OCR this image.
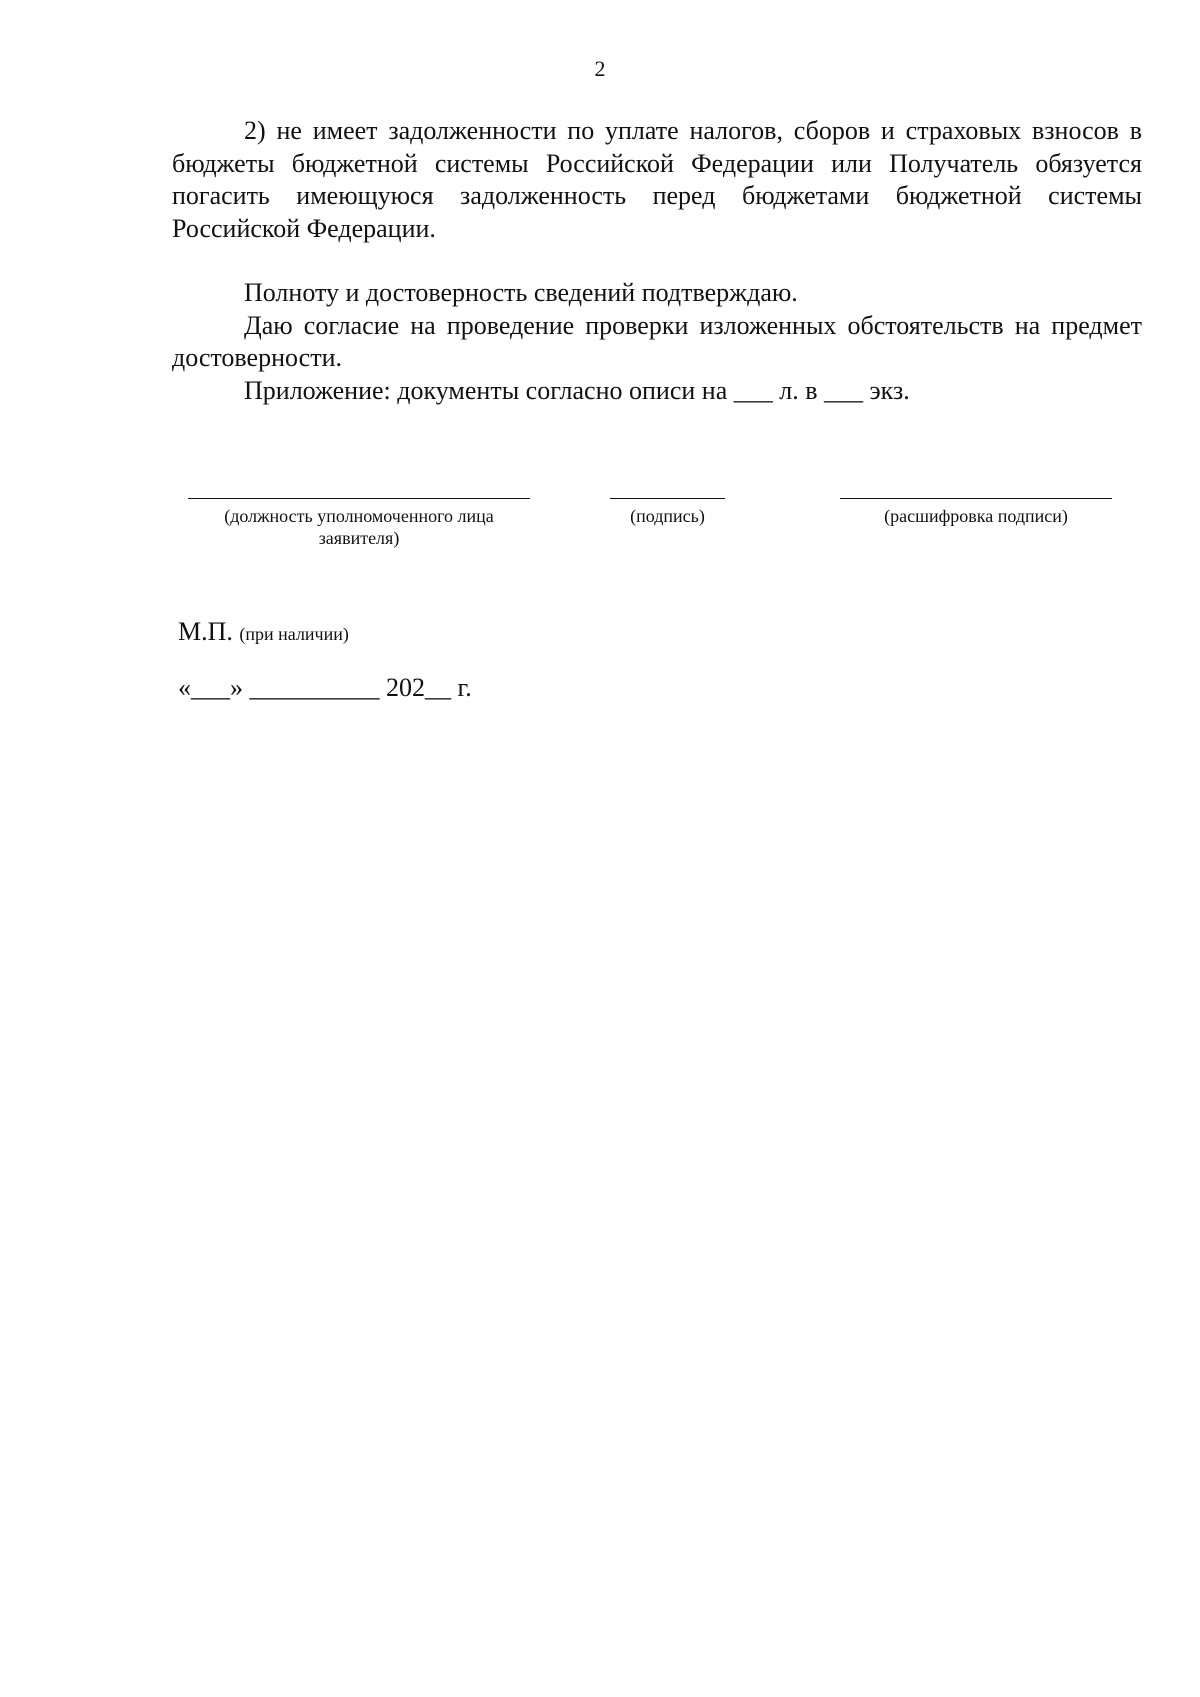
2

2) не имеет задолженности по уплате налогов, сборов и страховых взносов в бюджеты бюджетной системы Российской Федерации или Получатель обязуется погасить имеющуюся задолженность перед бюджетами бюджетной системы Российской Федерации.

Полноту и достоверность сведений подтверждаю.

Даю согласие на проведение проверки изложенных обстоятельств на предмет достоверности.

Приложение: документы согласно описи на ___ л. в ___ экз.

(должность уполномоченного лица заявителя)
(подпись)	(расшифровка подписи)
М.П. (при наличии)
«___» __________ 202__ г.
